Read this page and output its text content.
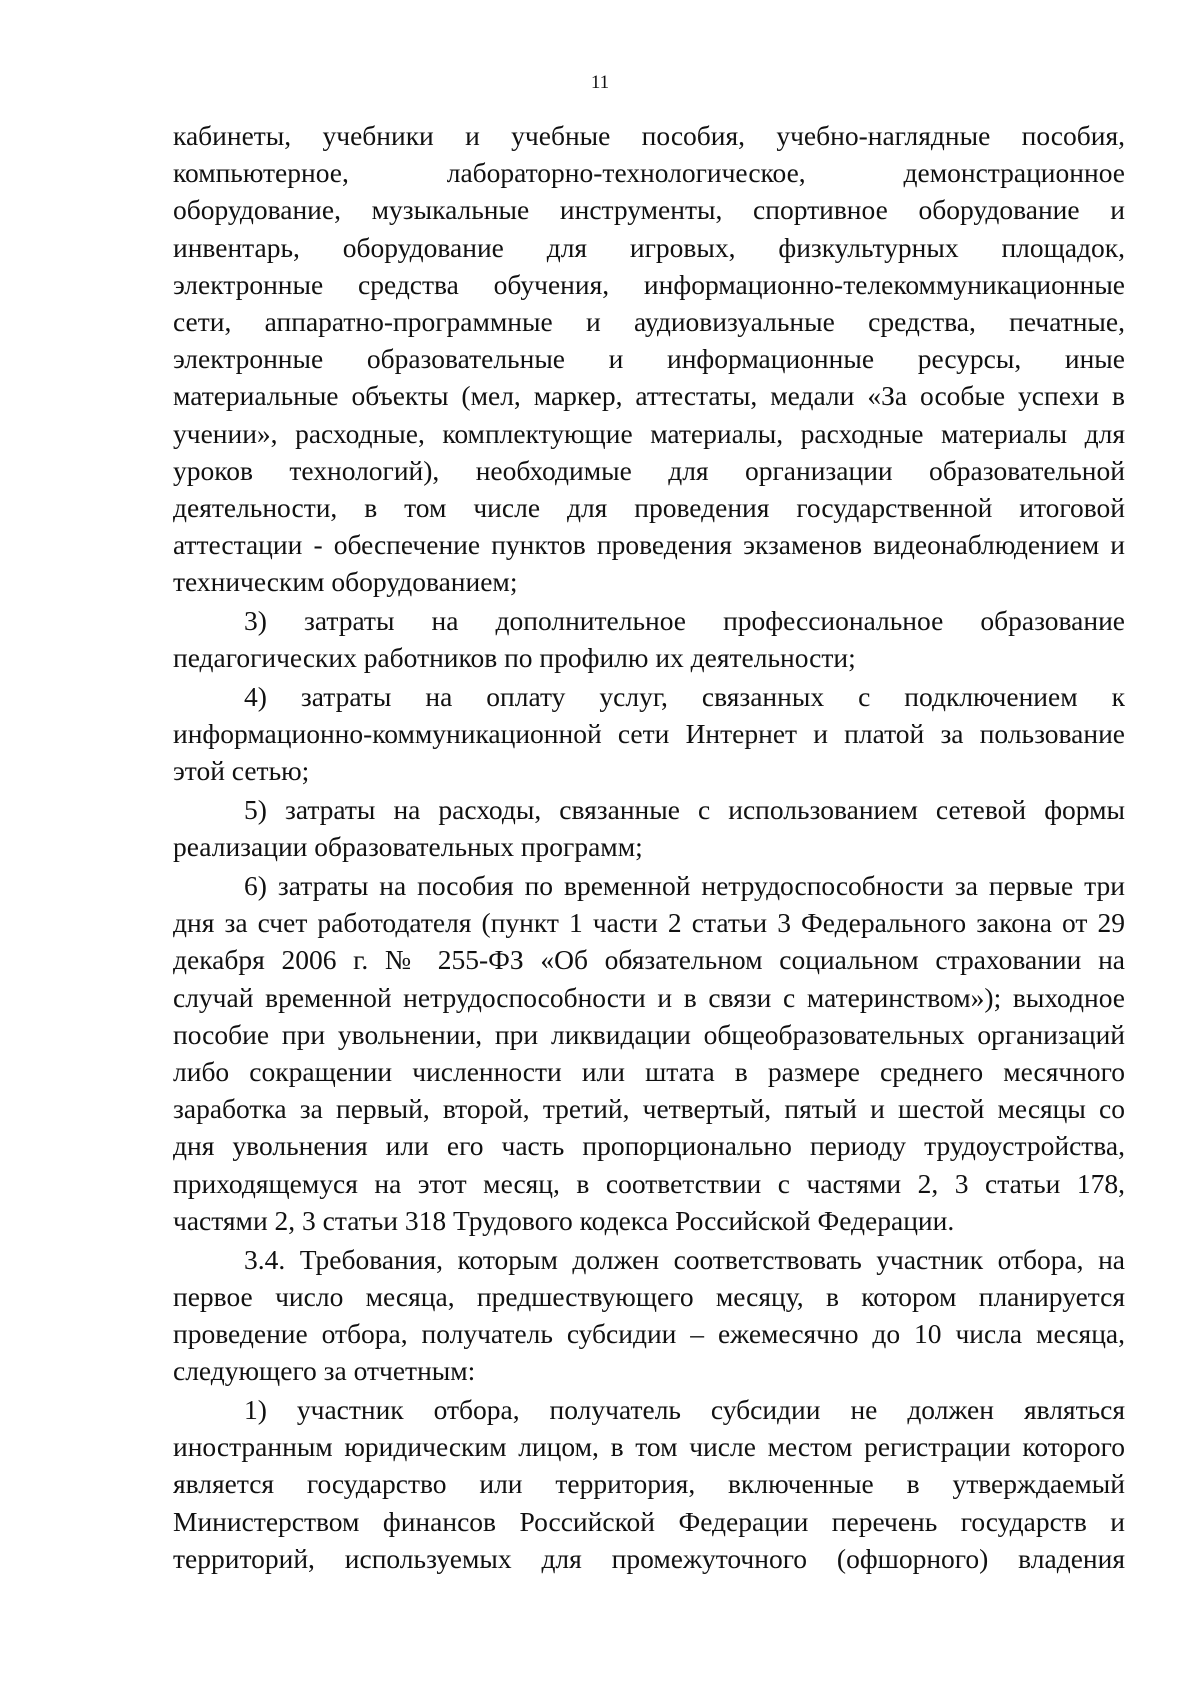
11
кабинеты, учебники и учебные пособия, учебно-наглядные пособия,
компьютерное, лабораторно-технологическое, демонстрационное
оборудование, музыкальные инструменты, спортивное оборудование и
инвентарь, оборудование для игровых, физкультурных площадок,
электронные средства обучения, информационно-телекоммуникационные
сети, аппаратно-программные и аудиовизуальные средства, печатные,
электронные образовательные и информационные ресурсы, иные
материальные объекты (мел, маркер, аттестаты, медали «За особые успехи в
учении», расходные, комплектующие материалы, расходные материалы для
уроков технологий), необходимые для организации образовательной
деятельности, в том числе для проведения государственной итоговой
аттестации - обеспечение пунктов проведения экзаменов видеонаблюдением и
техническим оборудованием;
3) затраты на дополнительное профессиональное образование
педагогических работников по профилю их деятельности;
4) затраты на оплату услуг, связанных с подключением к
информационно-коммуникационной сети Интернет и платой за пользование
этой сетью;
5) затраты на расходы, связанные с использованием сетевой формы
реализации образовательных программ;
6) затраты на пособия по временной нетрудоспособности за первые три
дня за счет работодателя (пункт 1 части 2 статьи 3 Федерального закона от 29
декабря 2006 г. № 255-ФЗ «Об обязательном социальном страховании на
случай временной нетрудоспособности и в связи с материнством»); выходное
пособие при увольнении, при ликвидации общеобразовательных организаций
либо сокращении численности или штата в размере среднего месячного
заработка за первый, второй, третий, четвертый, пятый и шестой месяцы со
дня увольнения или его часть пропорционально периоду трудоустройства,
приходящемуся на этот месяц, в соответствии с частями 2, 3 статьи 178,
частями 2, 3 статьи 318 Трудового кодекса Российской Федерации.
3.4. Требования, которым должен соответствовать участник отбора, на
первое число месяца, предшествующего месяцу, в котором планируется
проведение отбора, получатель субсидии – ежемесячно до 10 числа месяца,
следующего за отчетным:
1) участник отбора, получатель субсидии не должен являться
иностранным юридическим лицом, в том числе местом регистрации которого
является государство или территория, включенные в утверждаемый
Министерством финансов Российской Федерации перечень государств и
территорий, используемых для промежуточного (офшорного) владения
